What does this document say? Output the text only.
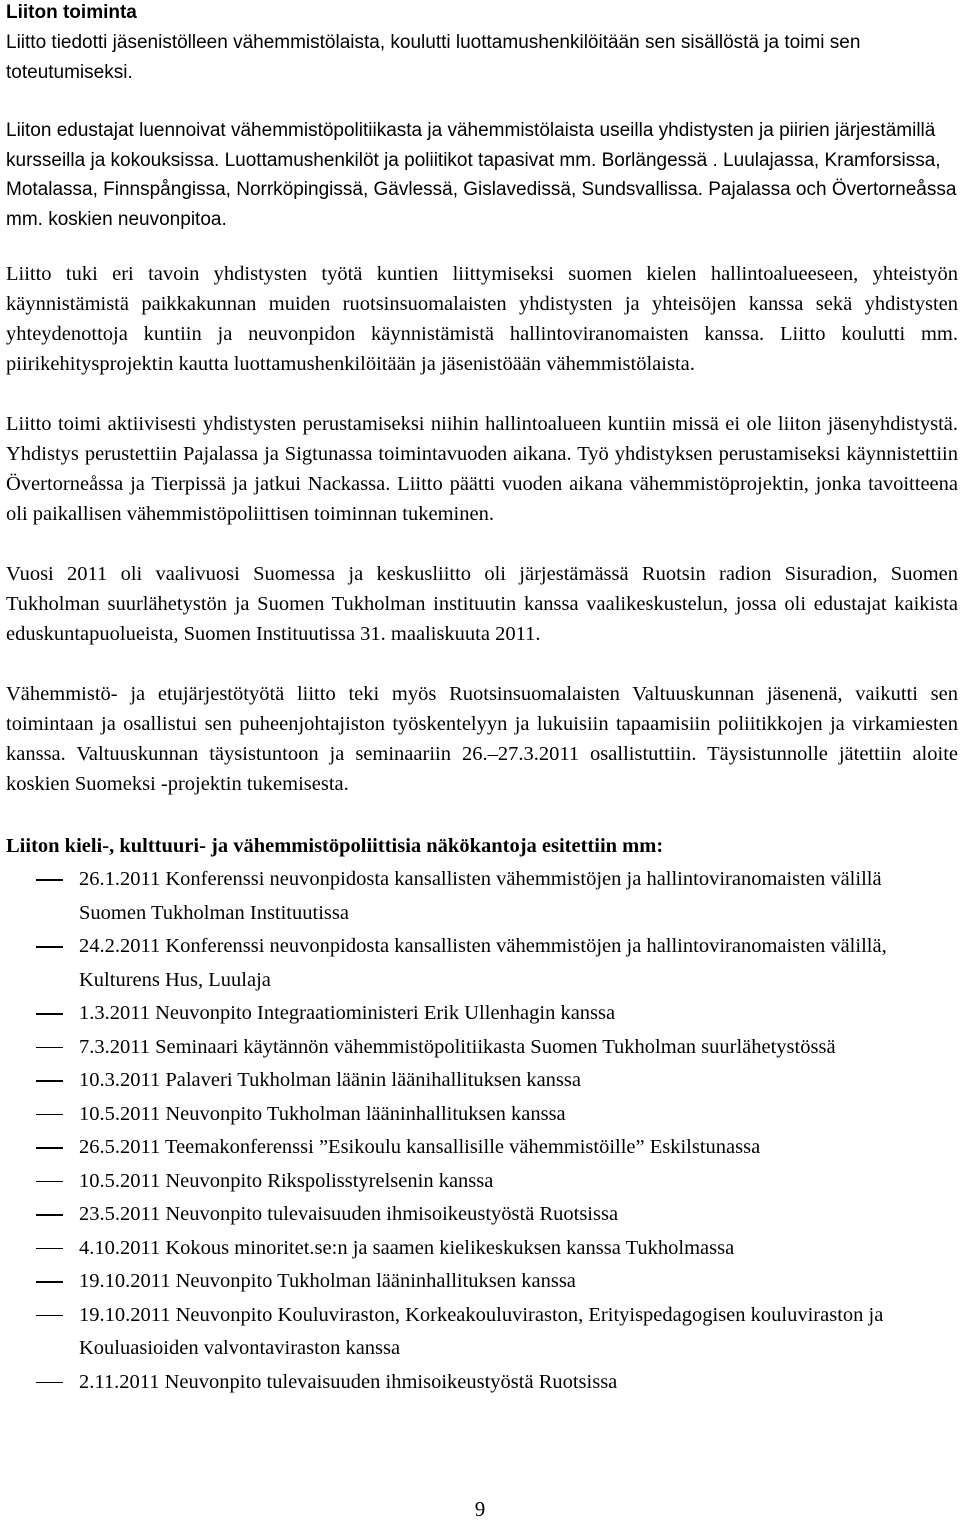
Liiton toiminta

Liitto tiedotti jäsenistölleen vähemmistölaista, koulutti luottamushenkilöitään sen sisällöstä ja toimi sen toteutumiseksi.

Liiton edustajat luennoivat vähemmistöpolitiikasta ja vähemmistölaista useilla yhdistysten ja piirien järjestämillä kursseilla ja kokouksissa. Luottamushenkilöt ja poliitikot tapasivat mm. Borlängessä . Luulajassa, Kramforsissa, Motalassa, Finnspångissa, Norrköpingissä, Gävlessä, Gislavedissä, Sundsvallissa. Pajalassa och Övertorneåssa mm. koskien neuvonpitoa.

Liitto tuki eri tavoin yhdistysten työtä kuntien liittymiseksi suomen kielen hallintoalueeseen, yhteistyön käynnistämistä paikkakunnan muiden ruotsinsuomalaisten yhdistysten ja yhteisöjen kanssa sekä yhdistysten yhteydenottoja kuntiin ja neuvonpidon käynnistämistä hallintoviranomaisten kanssa. Liitto koulutti mm. piirikehitysprojektin kautta luottamushenkilöitään ja jäsenistöään vähemmistölaista.

Liitto toimi aktiivisesti yhdistysten perustamiseksi niihin hallintoalueen kuntiin missä ei ole liiton jäsenyhdistystä. Yhdistys perustettiin Pajalassa ja Sigtunassa toimintavuoden aikana. Työ yhdistyksen perustamiseksi käynnistettiin Övertorneåssa ja Tierpissä ja jatkui Nackassa. Liitto päätti vuoden aikana vähemmistöprojektin, jonka tavoitteena oli paikallisen vähemmistöpoliittisen toiminnan tukeminen.

Vuosi 2011 oli vaalivuosi Suomessa ja keskusliitto oli järjestämässä Ruotsin radion Sisuradion, Suomen Tukholman suurlähetystön ja Suomen Tukholman instituutin kanssa vaalikeskustelun, jossa oli edustajat kaikista eduskuntapuolueista, Suomen Instituutissa 31. maaliskuuta 2011.

Vähemmistö- ja etujärjestötyötä liitto teki myös Ruotsinsuomalaisten Valtuuskunnan jäsenenä, vaikutti sen toimintaan ja osallistui sen puheenjohtajiston työskentelyyn ja lukuisiin tapaamisiin poliitikkojen ja virkamiesten kanssa. Valtuuskunnan täysistuntoon ja seminaariin 26.–27.3.2011 osallistuttiin. Täysistunnolle jätettiin aloite koskien Suomeksi -projektin tukemisesta.

Liiton kieli-, kulttuuri- ja vähemmistöpoliittisia näkökantoja esitettiin mm:

26.1.2011 Konferenssi neuvonpidosta kansallisten vähemmistöjen ja hallintoviranomaisten välillä Suomen Tukholman Instituutissa
24.2.2011 Konferenssi neuvonpidosta kansallisten vähemmistöjen ja hallintoviranomaisten välillä, Kulturens Hus, Luulaja
1.3.2011 Neuvonpito Integraatioministeri Erik Ullenhagin kanssa
7.3.2011 Seminaari käytännön vähemmistöpolitiikasta Suomen Tukholman suurlähetystössä
10.3.2011 Palaveri Tukholman läänin läänihallituksen kanssa
10.5.2011 Neuvonpito Tukholman lääninhallituksen kanssa
26.5.2011 Teemakonferenssi ”Esikoulu kansallisille vähemmistöille” Eskilstunassa
10.5.2011 Neuvonpito Rikspolisstyrelsenin kanssa
23.5.2011 Neuvonpito tulevaisuuden ihmisoikeustyöstä Ruotsissa
4.10.2011 Kokous minoritet.se:n ja saamen kielikeskuksen kanssa Tukholmassa
19.10.2011 Neuvonpito Tukholman lääninhallituksen kanssa
19.10.2011 Neuvonpito Kouluviraston, Korkeakouluviraston, Erityispedagogisen kouluviraston ja Kouluasioiden valvontaviraston kanssa
2.11.2011 Neuvonpito tulevaisuuden ihmisoikeustyöstä Ruotsissa
9
